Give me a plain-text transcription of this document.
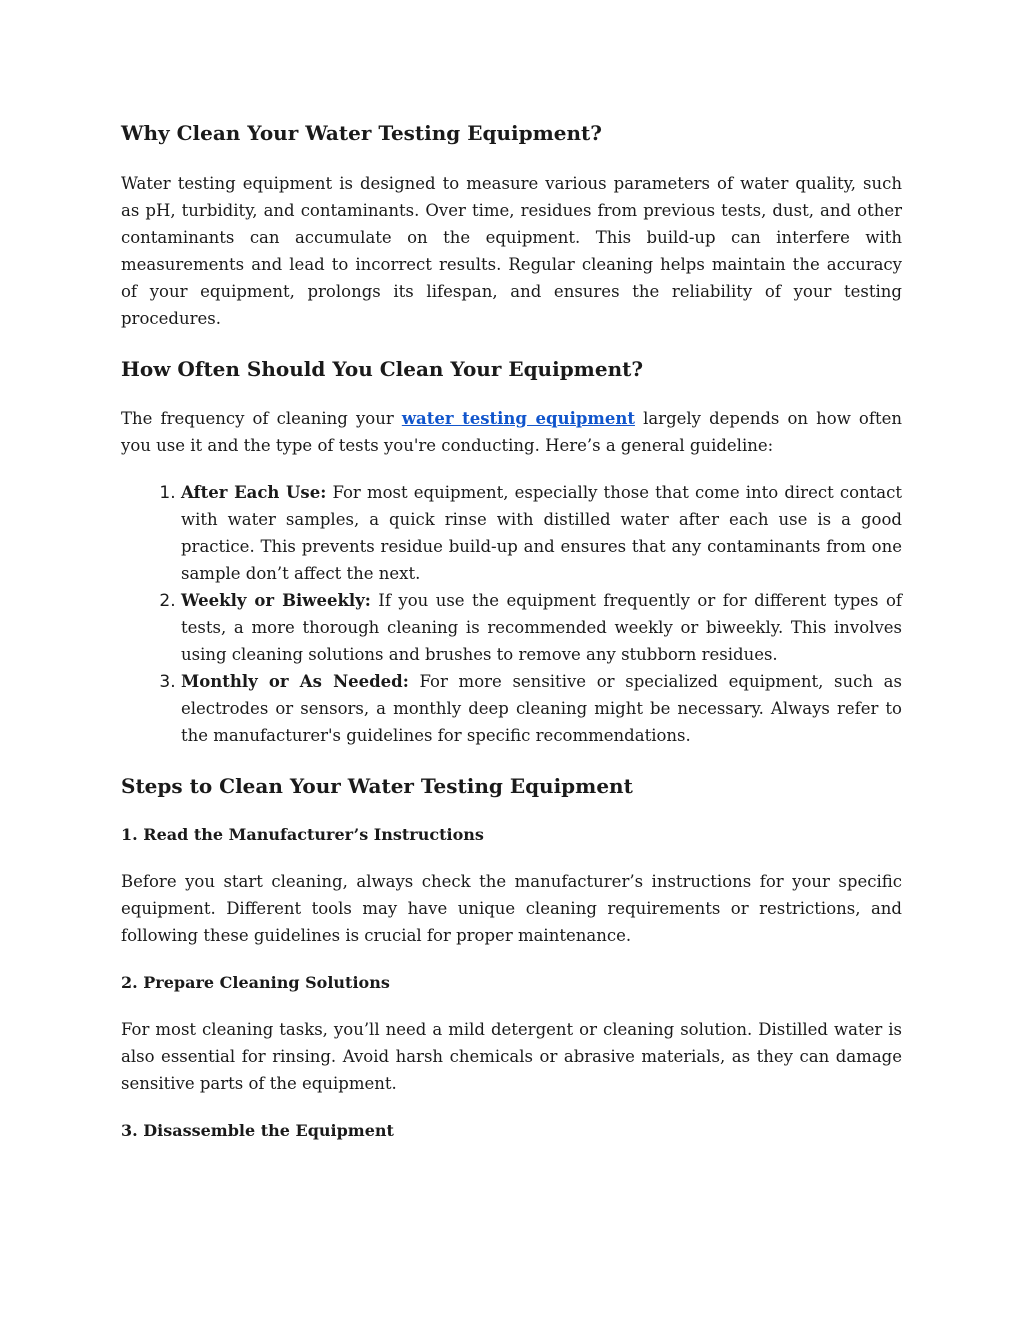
Why Clean Your Water Testing Equipment?

Water testing equipment is designed to measure various parameters of water quality, such as pH, turbidity, and contaminants. Over time, residues from previous tests, dust, and other contaminants can accumulate on the equipment. This build-up can interfere with measurements and lead to incorrect results. Regular cleaning helps maintain the accuracy of your equipment, prolongs its lifespan, and ensures the reliability of your testing procedures.

How Often Should You Clean Your Equipment?

The frequency of cleaning your water testing equipment largely depends on how often you use it and the type of tests you're conducting. Here’s a general guideline:

1. After Each Use: For most equipment, especially those that come into direct contact with water samples, a quick rinse with distilled water after each use is a good practice. This prevents residue build-up and ensures that any contaminants from one sample don’t affect the next.
2. Weekly or Biweekly: If you use the equipment frequently or for different types of tests, a more thorough cleaning is recommended weekly or biweekly. This involves using cleaning solutions and brushes to remove any stubborn residues.
3. Monthly or As Needed: For more sensitive or specialized equipment, such as electrodes or sensors, a monthly deep cleaning might be necessary. Always refer to the manufacturer's guidelines for specific recommendations.
Steps to Clean Your Water Testing Equipment
1. Read the Manufacturer’s Instructions

Before you start cleaning, always check the manufacturer’s instructions for your specific equipment. Different tools may have unique cleaning requirements or restrictions, and following these guidelines is crucial for proper maintenance.

2. Prepare Cleaning Solutions

For most cleaning tasks, you’ll need a mild detergent or cleaning solution. Distilled water is also essential for rinsing. Avoid harsh chemicals or abrasive materials, as they can damage sensitive parts of the equipment.

3. Disassemble the Equipment
